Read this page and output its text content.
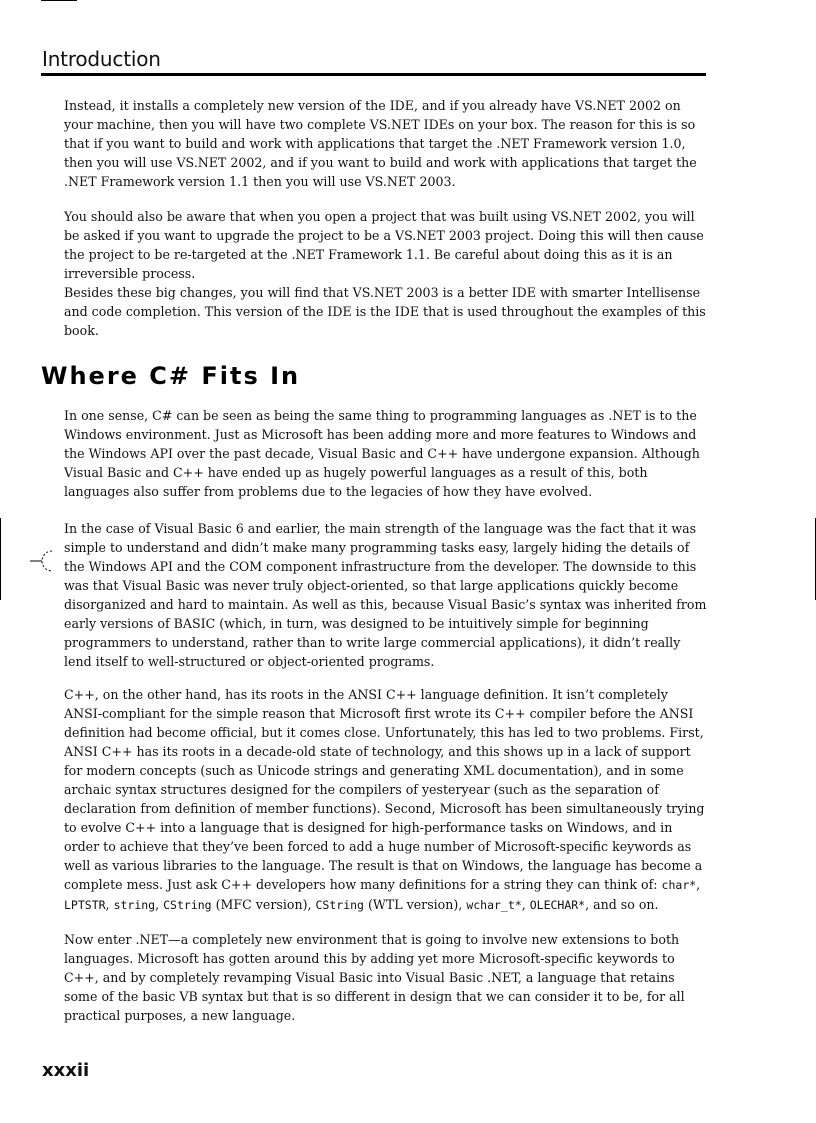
Introduction

Instead, it installs a completely new version of the IDE, and if you already have VS.NET 2002 on your machine, then you will have two complete VS.NET IDEs on your box. The reason for this is so that if you want to build and work with applications that target the .NET Framework version 1.0, then you will use VS.NET 2002, and if you want to build and work with applications that target the .NET Framework version 1.1 then you will use VS.NET 2003.

You should also be aware that when you open a project that was built using VS.NET 2002, you will be asked if you want to upgrade the project to be a VS.NET 2003 project. Doing this will then cause the project to be re-targeted at the .NET Framework 1.1. Be careful about doing this as it is an irreversible process.

Besides these big changes, you will find that VS.NET 2003 is a better IDE with smarter Intellisense and code completion. This version of the IDE is the IDE that is used throughout the examples of this book.

Where C# Fits In

In one sense, C# can be seen as being the same thing to programming languages as .NET is to the Windows environment. Just as Microsoft has been adding more and more features to Windows and the Windows API over the past decade, Visual Basic and C++ have undergone expansion. Although Visual Basic and C++ have ended up as hugely powerful languages as a result of this, both languages also suffer from problems due to the legacies of how they have evolved.

In the case of Visual Basic 6 and earlier, the main strength of the language was the fact that it was simple to understand and didn’t make many programming tasks easy, largely hiding the details of the Windows API and the COM component infrastructure from the developer. The downside to this was that Visual Basic was never truly object-oriented, so that large applications quickly become disorganized and hard to maintain. As well as this, because Visual Basic’s syntax was inherited from early versions of BASIC (which, in turn, was designed to be intuitively simple for beginning programmers to understand, rather than to write large commercial applications), it didn’t really lend itself to well-structured or object-oriented programs.

C++, on the other hand, has its roots in the ANSI C++ language definition. It isn’t completely ANSI-compliant for the simple reason that Microsoft first wrote its C++ compiler before the ANSI definition had become official, but it comes close. Unfortunately, this has led to two problems. First, ANSI C++ has its roots in a decade-old state of technology, and this shows up in a lack of support for modern concepts (such as Unicode strings and generating XML documentation), and in some archaic syntax structures designed for the compilers of yesteryear (such as the separation of declaration from definition of member functions). Second, Microsoft has been simultaneously trying to evolve C++ into a language that is designed for high-performance tasks on Windows, and in order to achieve that they’ve been forced to add a huge number of Microsoft-specific keywords as well as various libraries to the language. The result is that on Windows, the language has become a complete mess. Just ask C++ developers how many definitions for a string they can think of: char*, LPTSTR, string, CString (MFC version), CString (WTL version), wchar_t*, OLECHAR*, and so on.

Now enter .NET—a completely new environment that is going to involve new extensions to both languages. Microsoft has gotten around this by adding yet more Microsoft-specific keywords to C++, and by completely revamping Visual Basic into Visual Basic .NET, a language that retains some of the basic VB syntax but that is so different in design that we can consider it to be, for all practical purposes, a new language.

xxxii
